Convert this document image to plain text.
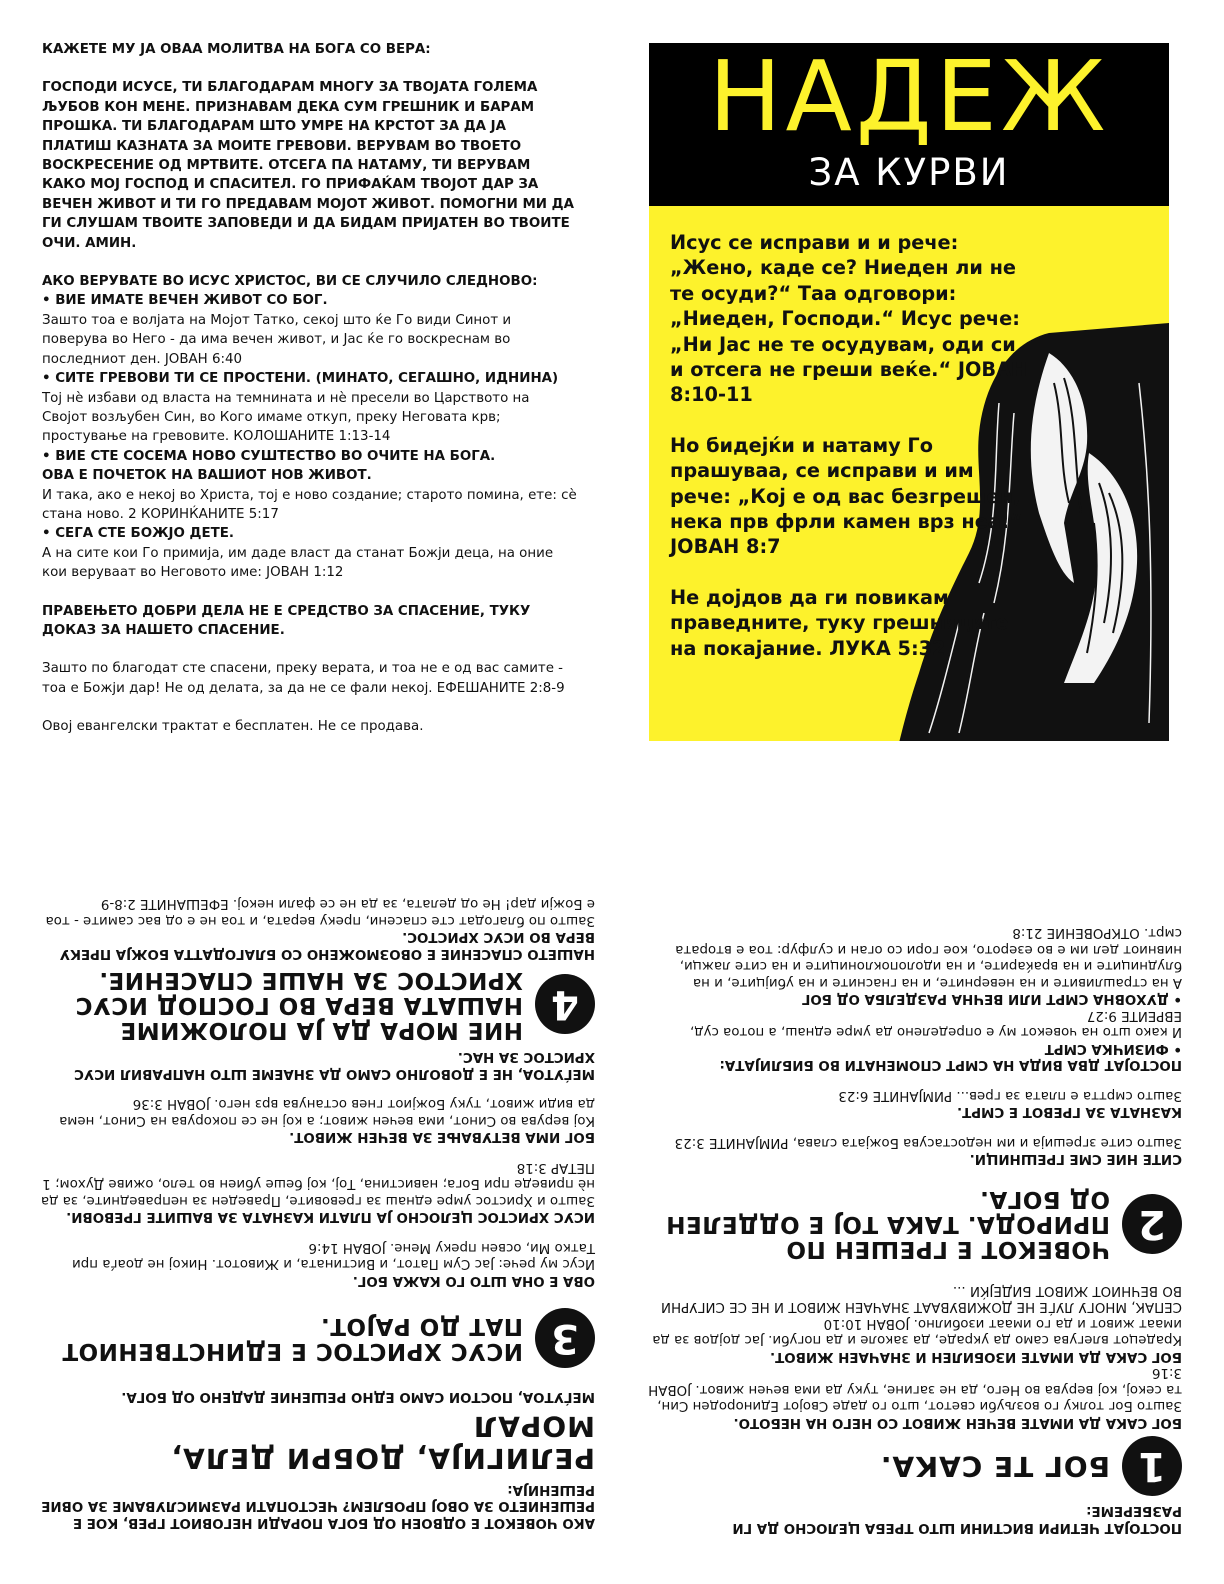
КАЖЕТЕ МУ ЈА ОВАА МОЛИТВА НА БОГА СО ВЕРА:

ГОСПОДИ ИСУСЕ, ТИ БЛАГОДАРАМ МНОГУ ЗА ТВОЈАТА ГОЛЕМА ЉУБОВ КОН МЕНЕ. ПРИЗНАВАМ ДЕКА СУМ ГРЕШНИК И БАРАМ ПРОШКА. ТИ БЛАГОДАРАМ ШТО УМРЕ НА КРСТОТ ЗА ДА ЈА ПЛАТИШ КАЗНАТА ЗА МОИТЕ ГРЕВОВИ. ВЕРУВАМ ВО ТВОЕТО ВОСКРЕСЕНИЕ ОД МРТВИТЕ. ОТСЕГА ПА НАТАМУ, ТИ ВЕРУВАМ КАКО МОЈ ГОСПОД И СПАСИТЕЛ. ГО ПРИФАЌАМ ТВОЈОТ ДАР ЗА ВЕЧЕН ЖИВОТ И ТИ ГО ПРЕДАВАМ МОЈОТ ЖИВОТ. ПОМОГНИ МИ ДА ГИ СЛУШАМ ТВОИТЕ ЗАПОВЕДИ И ДА БИДАМ ПРИЈАТЕН ВО ТВОИТЕ ОЧИ. АМИН.

АКО ВЕРУВАТЕ ВО ИСУС ХРИСТОС, ВИ СЕ СЛУЧИЛО СЛЕДНОВО:

• ВИЕ ИМАТЕ ВЕЧЕН ЖИВОТ СО БОГ.

Зашто тоа е волјата на Мојот Татко, секој што ќе Го види Синот и поверува во Него - да има вечен живот, и Јас ќе го воскреснам во последниот ден. ЈОВАН 6:40

• СИТЕ ГРЕВОВИ ТИ СЕ ПРОСТЕНИ. (МИНАТО, СЕГАШНО, ИДНИНА)

Тој нѐ избави од власта на темнината и нѐ пресели во Царството на Својот возљубен Син, во Кого имаме откуп, преку Неговата крв; простување на гревовите. КОЛОШАНИТЕ 1:13-14

• ВИЕ СТЕ СОСЕМА НОВО СУШТЕСТВО ВО ОЧИТЕ НА БОГА.

ОВА Е ПОЧЕТОК НА ВАШИОТ НОВ ЖИВОТ.

И така, ако е некој во Христа, тој е ново создание; старото помина, ете: сѐ стана ново. 2 КОРИНЌАНИТЕ 5:17

• СЕГА СТЕ БОЖЈО ДЕТЕ.

А на сите кои Го примија, им даде власт да станат Божји деца, на оние кои веруваат во Неговото име: ЈОВАН 1:12

ПРАВЕЊЕТО ДОБРИ ДЕЛА НЕ Е СРЕДСТВО ЗА СПАСЕНИЕ, ТУКУ ДОКАЗ ЗА НАШЕТО СПАСЕНИЕ.

Зашто по благодат сте спасени, преку верата, и тоа не е од вас самите - тоа е Божји дар! Не од делата, за да не се фали некој. ЕФЕШАНИТЕ 2:8-9

Овој евангелски трактат е бесплатен. Не се продава.

НАДЕЖ
ЗА КУРВИ

Исус се исправи и и рече: „Жено, каде се? Ниеден ли не те осуди?“ Таа одговори: „Ниеден, Господи.“ Исус рече: „Ни Јас не те осудувам, оди си и отсега не греши веќе.“ ЈОВАН 8:10-11

Но бидејќи и натаму Го прашуваа, се исправи и им рече: „Кој е од вас безгрешен, нека прв фрли камен врз неа!“ ЈОВАН 8:7

Не дојдов да ги повикам праведните, туку грешниците на покајание. ЛУКА 5:32

ПОСТОЈАТ ЧЕТИРИ ВИСТИНИ ШТО ТРЕБА ЦЕЛОСНО ДА ГИ РАЗБЕРЕМЕ:

1
БОГ ТЕ САКА.

БОГ САКА ДА ИМАТЕ ВЕЧЕН ЖИВОТ СО НЕГО НА НЕБОТО.

Зашто Бог толку го возљуби светот, што го даде Својот Единороден Син, та секој, кој верува во Него, да не загине, туку да има вечен живот. ЈОВАН 3:16

БОГ САКА ДА ИМАТЕ ИЗОБИЛЕН И ЗНАЧАЕН ЖИВОТ.

Крадецот влегува само да украде, да заколе и да погуби. Јас дојдов за да имаат живот и да го имаат изобилно. ЈОВАН 10:10

СЕПАК, МНОГУ ЛУЃЕ НЕ ДОЖИВУВААТ ЗНАЧАЕН ЖИВОТ И НЕ СЕ СИГУРНИ ВО ВЕЧНИОТ ЖИВОТ БИДЕЈЌИ ...

2
ЧОВЕКОТ Е ГРЕШЕН ПО ПРИРОДА. ТАКА ТОЈ Е ОДДЕЛЕН ОД БОГА.

СИТЕ НИЕ СМЕ ГРЕШНИЦИ.

Зашто сите згрешија и им недостасува Божјата слава, РИМЈАНИТЕ 3:23

КАЗНАТА ЗА ГРЕВОТ Е СМРТ.

Зашто смртта е плата за грев... РИМЈАНИТЕ 6:23

ПОСТОЈАТ ДВА ВИДА НА СМРТ СПОМЕНАТИ ВО БИБЛИЈАТА:

• ФИЗИЧКА СМРТ

И како што на човекот му е определено да умре еднаш, а потоа суд, ЕВРЕИТЕ 9:27

• ДУХОВНА СМРТ ИЛИ ВЕЧНА РАЗДЕЛБА ОД БОГ

А на страшливите и на неверните, и на гнасните и на убијците, и на блудниците и на враќарите, и на идолопоклониците и на сите лажци, нивниот дел им е во езерото, кое гори со оган и сулфур: тоа е втората смрт. ОТКРОВЕНИЕ 21:8

АКО ЧОВЕКОТ Е ОДВОЕН ОД БОГА ПОРАДИ НЕГОВИОТ ГРЕВ, КОЕ Е РЕШЕНИЕТО ЗА ОВОЈ ПРОБЛЕМ? ЧЕСТОПАТИ РАЗМИСЛУВАМЕ ЗА ОВИЕ РЕШЕНИЈА:

РЕЛИГИЈА, ДОБРИ ДЕЛА, МОРАЛ

МЕЃУТОА, ПОСТОИ САМО ЕДНО РЕШЕНИЕ ДАДЕНО ОД БОГА.

3
ИСУС ХРИСТОС Е ЕДИНСТВЕНИОТ ПАТ ДО РАЈОТ.

ОВА Е ОНА ШТО ГО КАЖА БОГ.

Исус му рече: Јас Сум Патот, и Вистината, и Животот. Никој не доаѓа при Татко Ми, освен преку Мене. ЈОВАН 14:6

ИСУС ХРИСТОС ЦЕЛОСНО ЈА ПЛАТИ КАЗНАТА ЗА ВАШИТЕ ГРЕВОВИ.

Зашто и Христос умре еднаш за гревовите, Праведен за неправедните, за да нѐ приведе при Бога; навистина, Тој, кој беше убиен во тело, оживе Духом; 1 ПЕТАР 3:18

БОГ ИМА ВЕТУВАЊЕ ЗА ВЕЧЕН ЖИВОТ.

Кој верува во Синот, има вечен живот; а кој не се покорува на Синот, нема да види живот, туку Божјиот гнев останува врз него. ЈОВАН 3:36

МЕЃУТОА, НЕ Е ДОВОЛНО САМО ДА ЗНАЕМЕ ШТО НАПРАВИЛ ИСУС ХРИСТОС ЗА НАС.

4
НИЕ МОРА ДА ЈА ПОЛОЖИМЕ НАШАТА ВЕРА ВО ГОСПОД ИСУС ХРИСТОС ЗА НАШЕ СПАСЕНИЕ.

НАШЕТО СПАСЕНИЕ Е ОВОЗМОЖЕНО СО БЛАГОДАТТА БОЖЈА ПРЕКУ ВЕРА ВО ИСУС ХРИСТОС.

Зашто по благодат сте спасени, преку верата, и тоа не е од вас самите - тоа е Божји дар! Не од делата, за да не се фали некој. ЕФЕШАНИТЕ 2:8-9
